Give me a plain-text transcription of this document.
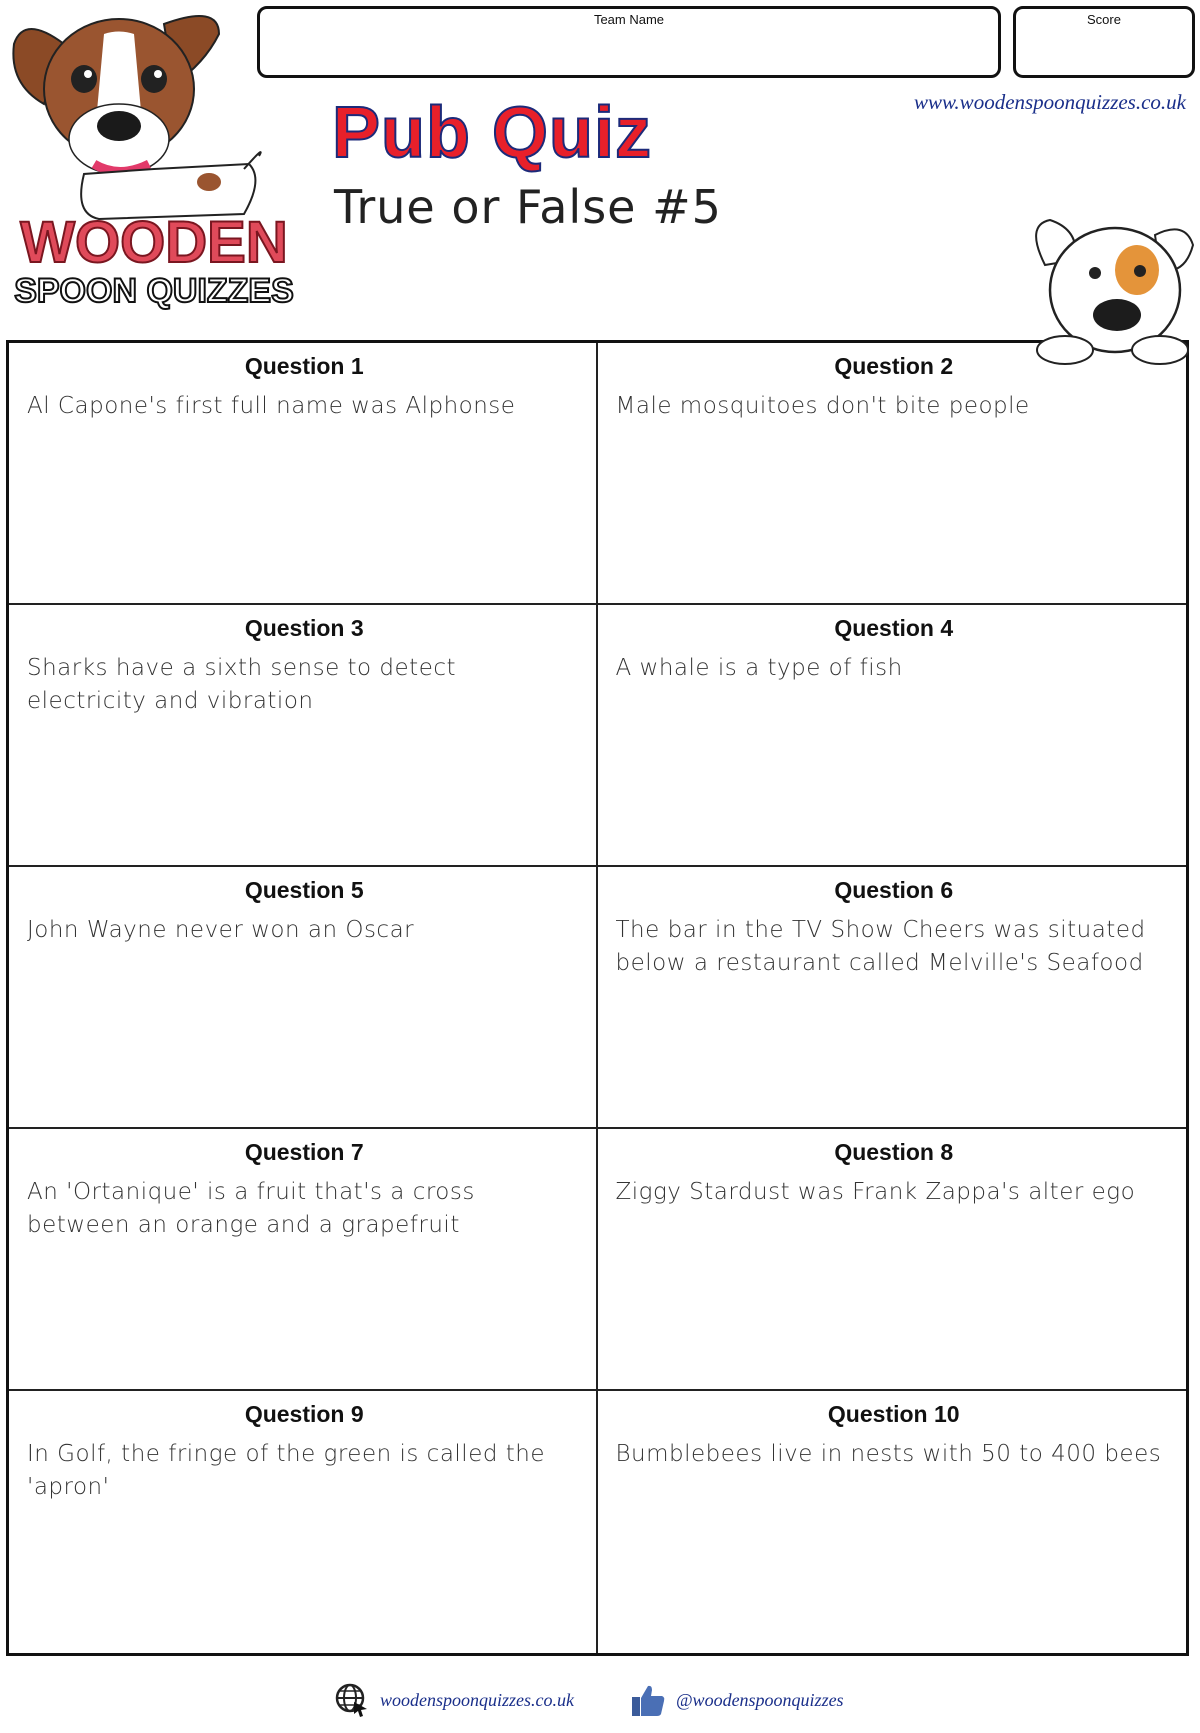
WOODEN
SPOON QUIZZES
Team Name	Score
www.woodenspoonquizzes.co.uk
Pub Quiz
True or False #5
Question 1
Al Capone's first full name was Alphonse
Question 2
Male mosquitoes don't bite people
Question 3
Sharks have a sixth sense to detect electricity and vibration
Question 4
A whale is a type of fish
Question 5
John Wayne never won an Oscar
Question 6
The bar in the TV Show Cheers was situated below a restaurant called Melville's Seafood
Question 7
An 'Ortanique' is a fruit that's a cross between an orange and a grapefruit
Question 8
Ziggy Stardust was Frank Zappa's alter ego
Question 9
In Golf, the fringe of the green is called the 'apron'
Question 10
Bumblebees live in nests with 50 to 400 bees
woodenspoonquizzes.co.uk	@woodenspoonquizzes
